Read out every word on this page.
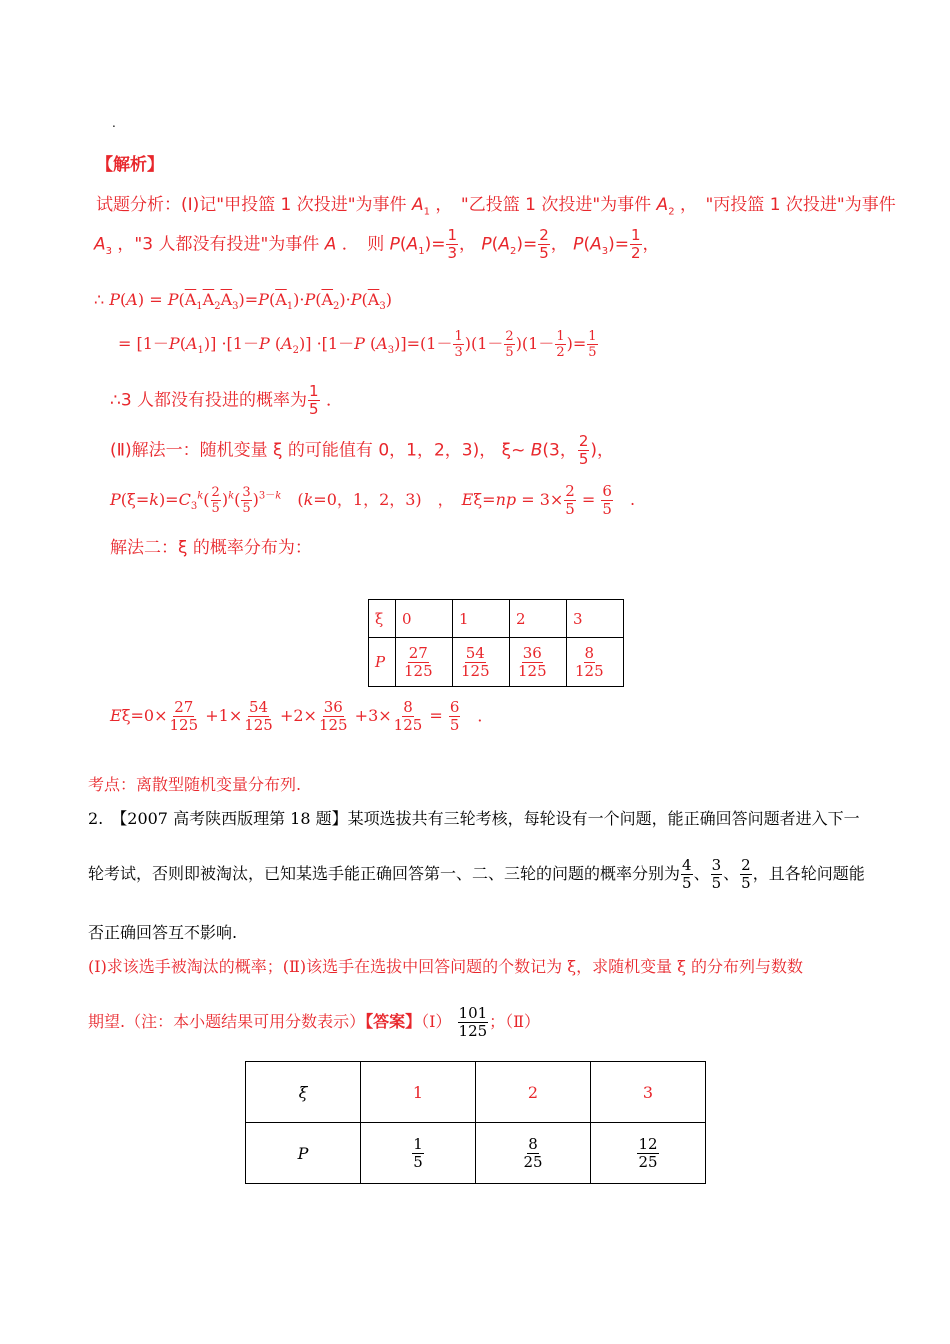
.
【解析】
试题分析：(Ⅰ)记"甲投篮 1 次投进"为事件 $A_1$ ，　"乙投篮 1 次投进"为事件 $A_2$ ，　"丙投篮 1 次投进"为事件
$A_3$ ，"3 人都没有投进"为事件 A ．　则 $P(A_1)= \frac{1}{3}$ ， $P(A_2)= \frac{2}{5}$ ， $P(A_3)= \frac{1}{2}$ ，
∴ $P(A) = P(\overline{A}_1\overline{A}_2\overline{A}_3)=P(\overline{A}_1)\cdot P(\overline{A}_2)\cdot P(\overline{A}_3)$
= $[1-P(A_1)] \cdot[1-P$ $(A_2)] \cdot[1-P$ $(A_3)]=(1- \frac{1}{3} )(1- \frac{2}{5} )(1- \frac{1}{2}$ )= $\frac{1}{5}$
∴3 人都没有投进的概率为 $\frac{1}{5}$ ．
(Ⅱ)解法一：随机变量 ξ 的可能值有 0，1，2，3)， ξ~ B(3， $\frac{2}{5}$ )，
$P(\xi=k)=C_3^k( \frac{2}{5} )^k( \frac{3}{5} )^{3-k}$　(k=0，1，2，3)　，　$E\xi=np = 3\times \frac{2}{5} = \frac{6}{5}$ 　.
解法二：ξ 的概率分布为：
ξ	0	1	2	3
P	$\frac{27}{125}$	$\frac{54}{125}$	$\frac{36}{125}$	$\frac{8}{125}$
$E\xi=0\times \frac{27}{125} +1\times \frac{54}{125} +2\times \frac{36}{125} +3\times \frac{8}{125} = \frac{6}{5}$ 　．
考点：离散型随机变量分布列.
2.　【2007 高考陕西版理第 18 题】某项选拔共有三轮考核，每轮设有一个问题，能正确回答问题者进入下一
轮考试，否则即被淘汰，已知某选手能正确回答第一、二、三轮的问题的概率分别为 $\frac{4}{5}$ 、 $\frac{3}{5}$ 、 $\frac{2}{5}$ ，且各轮问题能
否正确回答互不影响.
(Ⅰ)求该选手被淘汰的概率；(Ⅱ)该选手在选拔中回答问题的个数记为 ξ，求随机变量 ξ 的分布列与数数
期望.（注：本小题结果可用分数表示）【答案】（Ⅰ） $\frac{101}{125}$ ；（Ⅱ）
ξ	1	2	3
P	$\frac{1}{5}$	$\frac{8}{25}$	$\frac{12}{25}$
